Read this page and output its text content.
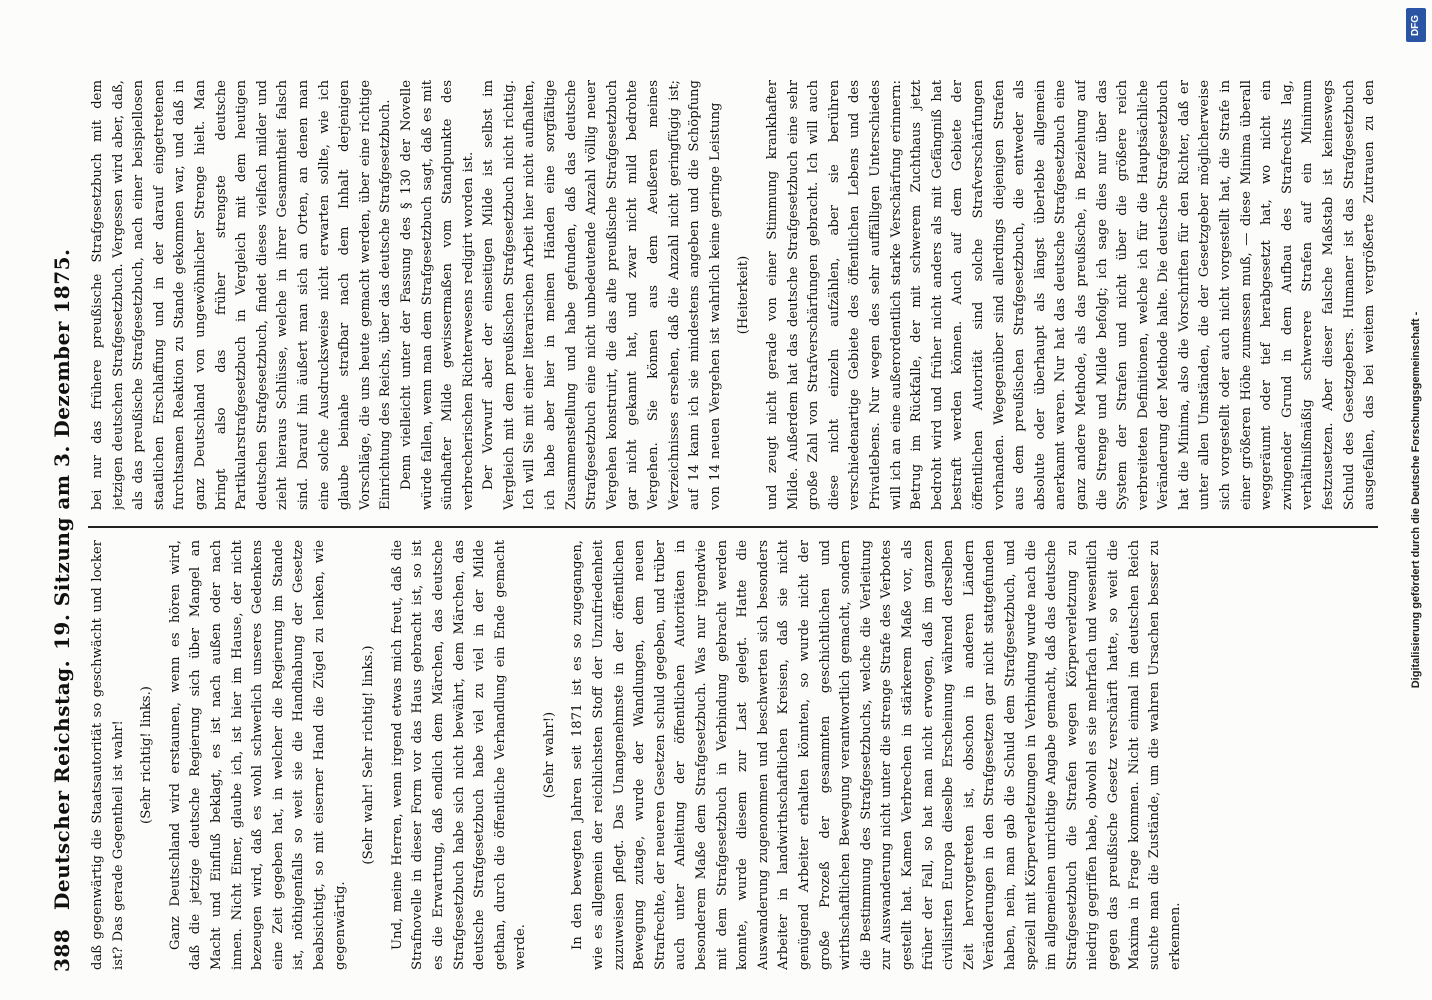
388
Deutscher Reichstag.
19. Sitzung am 3. Dezember 1875.

daß gegenwärtig die Staatsautorität so geschwächt und locker ist? Das gerade Gegentheil ist wahr! (Sehr richtig! links.) Ganz Deutschland wird erstaunen, wenn es hören wird, daß die jetzige deutsche Regierung sich über Mangel an Macht und Einfluß beklagt, es ist nach außen oder nach innen. Nicht Einer, glaube ich, ist hier im Hause, der nicht bezeugen wird, daß es wohl schwerlich unseres Gedenkens eine Zeit gegeben hat, in welcher die Regierung im Stande ist, nöthigenfalls so weit sie die Handhabung der Gesetze beabsichtigt, so mit eiserner Hand die Zügel zu lenken, wie gegenwärtig.

(Sehr wahr! Sehr richtig! links.) Und, meine Herren, wenn irgend etwas mich freut, daß die Strafnovelle in dieser Form vor das Haus gebracht ist, so ist es die Erwartung, daß endlich dem Märchen, das deutsche Strafgesetzbuch habe sich nicht bewährt, dem Märchen, das deutsche Strafgesetzbuch habe viel zu viel in der Milde gethan, durch die öffentliche Verhandlung ein Ende gemacht werde.

(Sehr wahr!) In den bewegten Jahren seit 1871 ist es so zugegangen, wie es allgemein der reichlichsten Stoff der Unzufriedenheit zuzuweisen pflegt. Das Unangenehmste in der öffentlichen Bewegung zutage, wurde der Wandlungen, dem neuen Strafrechte, der neueren Gesetzen schuld gegeben, und trüber auch unter Anleitung der öffentlichen Autoritäten in besonderem Maße dem Strafgesetzbuch. Was nur irgendwie mit dem Strafgesetzbuch in Verbindung gebracht werden konnte, wurde diesem zur Last gelegt. Hatte die Auswanderung zugenommen und beschwerten sich besonders Arbeiter in landwirthschaftlichen Kreisen, daß sie nicht genügend Arbeiter erhalten könnten, so wurde nicht der große Prozeß der gesammten geschichtlichen und wirthschaftlichen Bewegung verantwortlich gemacht, sondern die Bestimmung des Strafgesetzbuchs, welche die Verleitung zur Auswanderung nicht unter die strenge Strafe des Verbotes gestellt hat. Kamen Verbrechen in stärkerem Maße vor, als früher der Fall, so hat man nicht erwogen, daß im ganzen civilisirten Europa dieselbe Erscheinung während derselben Zeit hervorgetreten ist, obschon in anderen Ländern Veränderungen in den Strafgesetzen gar nicht stattgefunden haben, nein, man gab die Schuld dem Strafgesetzbuch, und speziell mit Körperverletzungen in Verbindung wurde nach die im allgemeinen unrichtige Angabe gemacht, daß das deutsche Strafgesetzbuch die Strafen wegen Körperverletzung zu niedrig gegriffen habe, obwohl es sie mehrfach und wesentlich gegen das preußische Gesetz verschärft hatte, so weit die Maxima in Frage kommen. Nicht einmal im deutschen Reich suchte man die Zustände, um die wahren Ursachen besser zu erkennen.

bei nur das frühere preußische Strafgesetzbuch mit dem jetzigen deutschen Strafgesetzbuch. Vergessen wird aber, daß, als das preußische Strafgesetzbuch, nach einer beispiellosen staatlichen Erschlaffung und in der darauf eingetretenen furchtsamen Reaktion zu Stande gekommen war, und daß in ganz Deutschland von ungewöhnlicher Strenge hielt. Man bringt also das früher strengste deutsche Partikularstrafgesetzbuch in Vergleich mit dem heutigen deutschen Strafgesetzbuch, findet dieses vielfach milder und zieht hieraus Schlüsse, welche in ihrer Gesammtheit falsch sind. Darauf hin äußert man sich an Orten, an denen man eine solche Ausdrucksweise nicht erwarten sollte, wie ich glaube beinahe strafbar nach dem Inhalt derjenigen Vorschläge, die uns heute gemacht werden, über eine richtige Einrichtung des Reichs, über das deutsche Strafgesetzbuch. Denn vielleicht unter der Fassung des § 130 der Novelle würde fallen, wenn man dem Strafgesetzbuch sagt, daß es mit sündhafter Milde gewissermaßen vom Standpunkte des verbrecherischen Richterwesens redigirt worden ist. Der Vorwurf aber der einseitigen Milde ist selbst im Vergleich mit dem preußischen Strafgesetzbuch nicht richtig. Ich will Sie mit einer literarischen Arbeit hier nicht aufhalten, ich habe aber hier in meinen Händen eine sorgfältige Zusammenstellung und habe gefunden, daß das deutsche Strafgesetzbuch eine nicht unbedeutende Anzahl völlig neuer Vergehen konstruirt, die das alte preußische Strafgesetzbuch gar nicht gekannt hat, und zwar nicht mild bedrohte Vergehen. Sie können aus dem Aeußeren meines Verzeichnisses ersehen, daß die Anzahl nicht geringfügig ist; auf 14 kann ich sie mindestens angeben und die Schöpfung von 14 neuen Vergehen ist wahrlich keine geringe Leistung (Heiterkeit)

und zeugt nicht gerade von einer Stimmung krankhafter Milde. Außerdem hat das deutsche Strafgesetzbuch eine sehr große Zahl von Strafverschärfungen gebracht. Ich will auch diese nicht einzeln aufzählen, aber sie berühren verschiedenartige Gebiete des öffentlichen Lebens und des Privatlebens. Nur wegen des sehr auffälligen Unterschiedes will ich an eine außerordentlich starke Verschärfung erinnern: Betrug im Rückfalle, der mit schwerem Zuchthaus jetzt bedroht wird und früher nicht anders als mit Gefängniß hat bestraft werden können. Auch auf dem Gebiete der öffentlichen Autorität sind solche Strafverschärfungen vorhanden. Wegegenüber sind allerdings diejenigen Strafen aus dem preußischen Strafgesetzbuch, die entweder als absolute oder überhaupt als längst überlebte allgemein anerkannt waren. Nur hat das deutsche Strafgesetzbuch eine ganz andere Methode, als das preußische, in Beziehung auf die Strenge und Milde befolgt; ich sage dies nur über das System der Strafen und nicht über die größere reich verbreiteten Definitionen, welche ich für die Hauptsächliche Veränderung der Methode halte. Die deutsche Strafgesetzbuch hat die Minima, also die Vorschriften für den Richter, daß er unter allen Umständen, die der Gesetzgeber möglicherweise sich vorgestellt oder auch nicht vorgestellt hat, die Strafe in einer größeren Höhe zumessen muß, — diese Minima überall weggeräumt oder tief herabgesetzt hat, wo nicht ein zwingender Grund in dem Aufbau des Strafrechts lag, verhältnißmäßig schwerere Strafen auf ein Minimum festzusetzen. Aber dieser falsche Maßstab ist keineswegs Schuld des Gesetzgebers. Humaner ist das Strafgesetzbuch ausgefallen, das bei weitem vergrößerte Zutrauen zu den

DFG
Digitalisierung gefördert durch die Deutsche Forschungsgemeinschaft -
